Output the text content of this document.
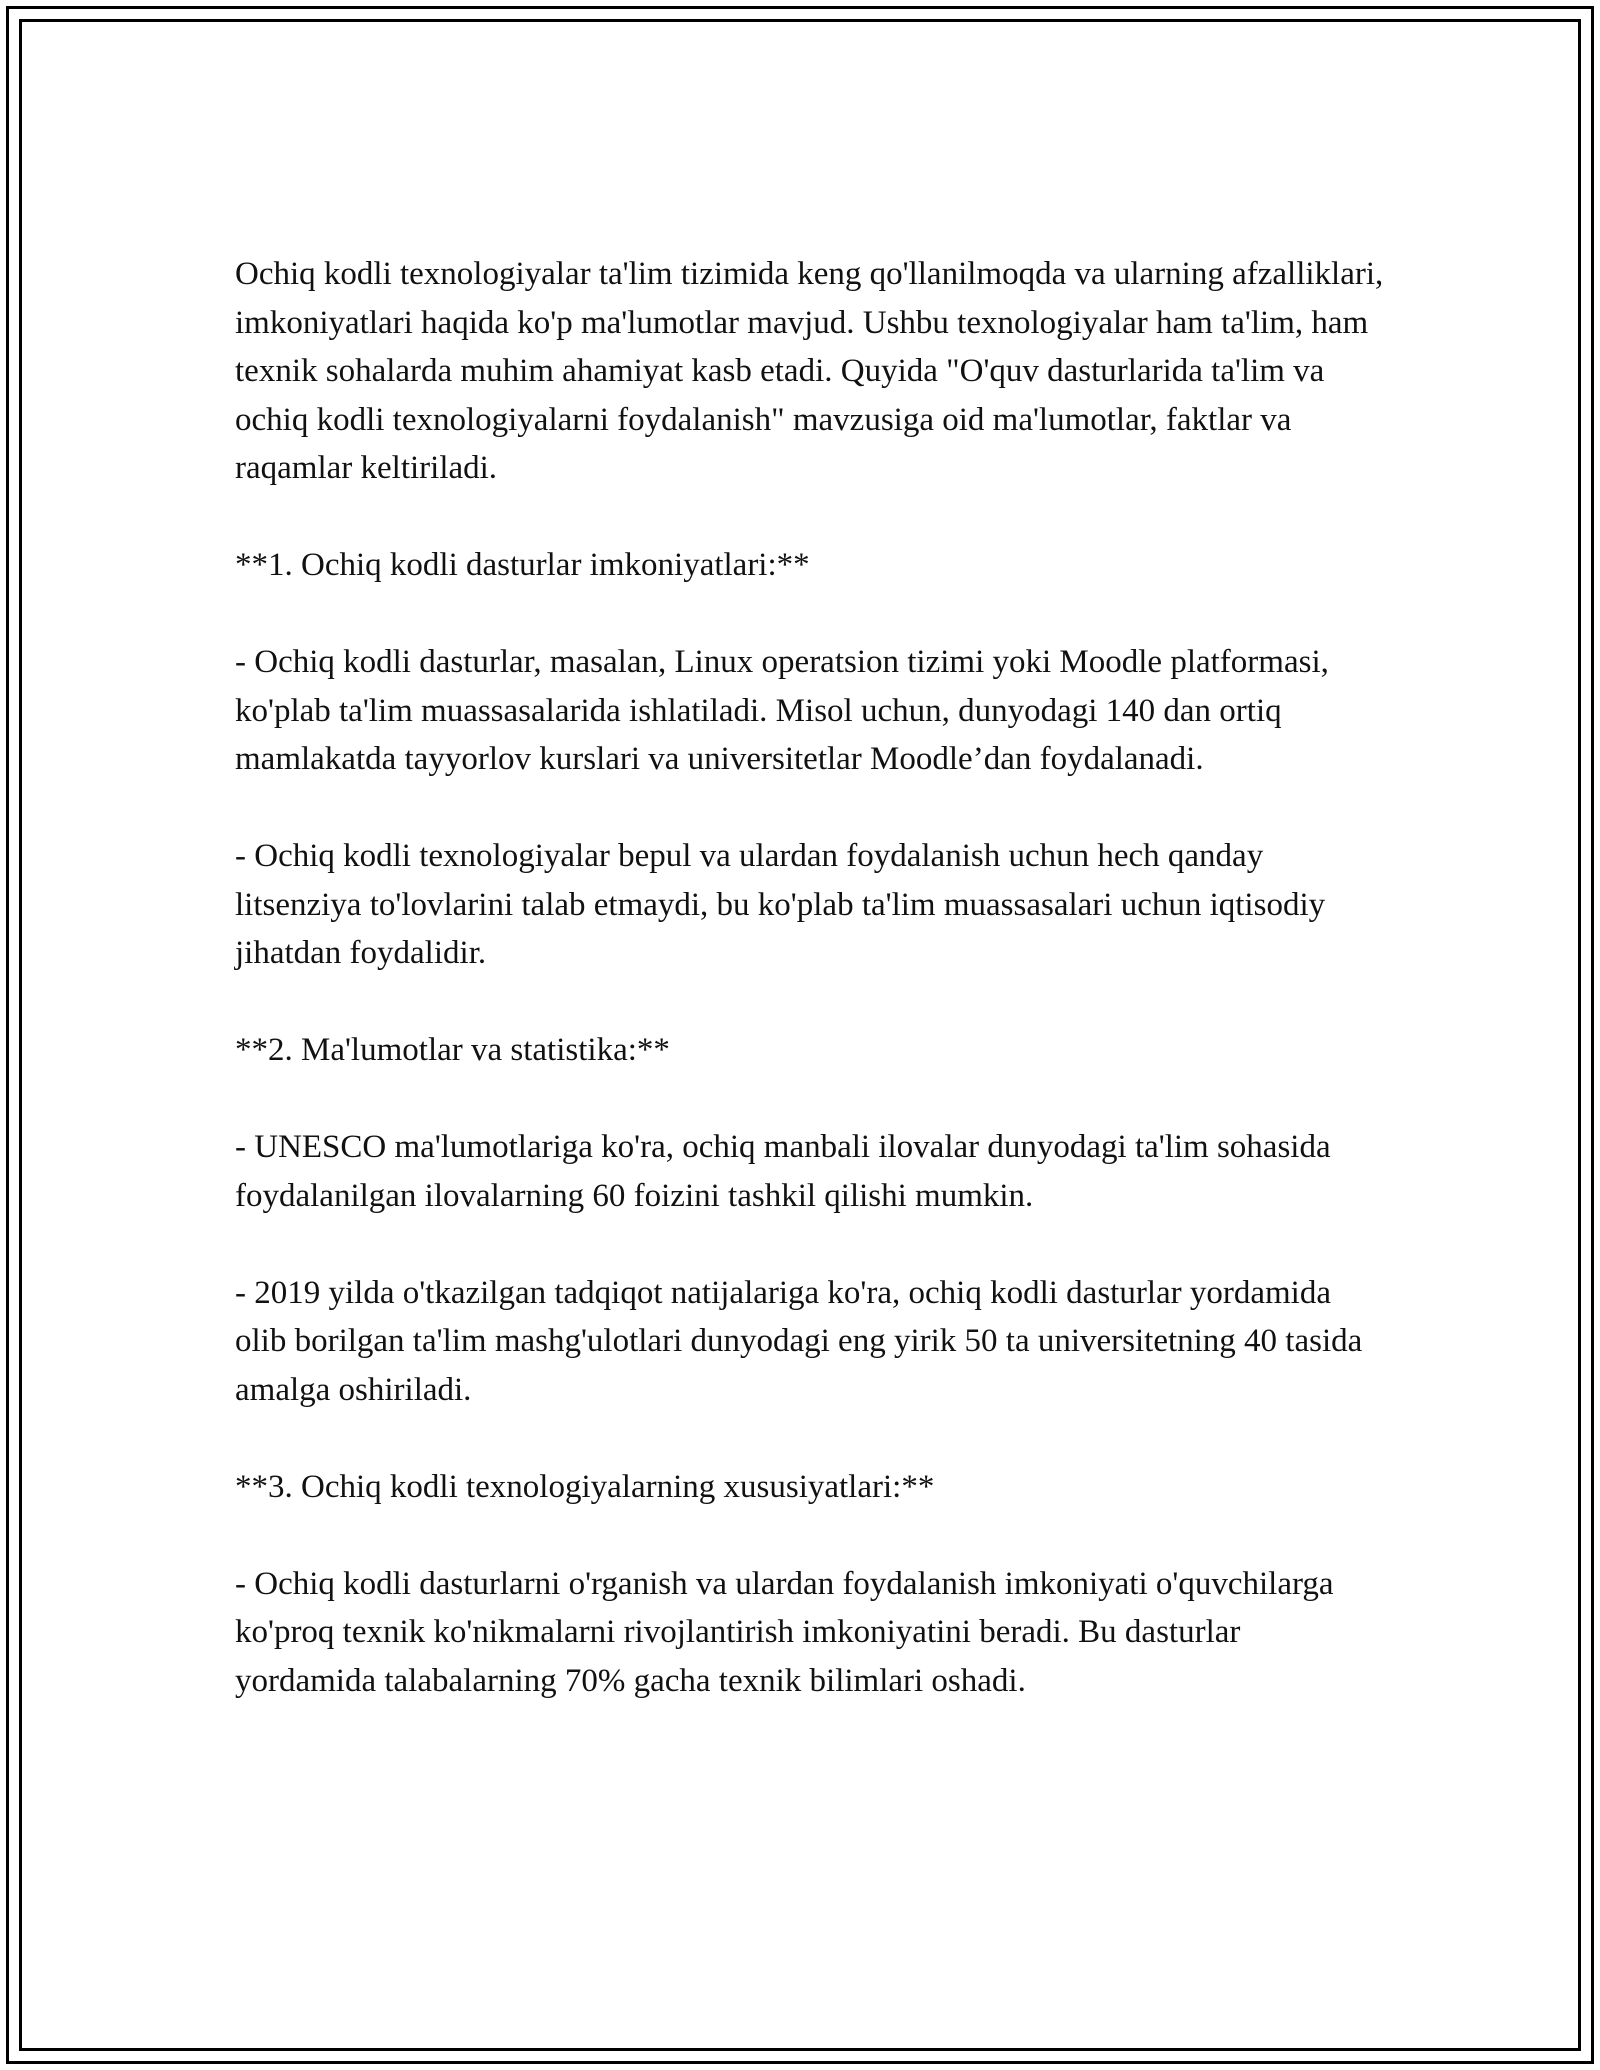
Ochiq kodli texnologiyalar ta'lim tizimida keng qo'llanilmoqda va ularning afzalliklari, imkoniyatlari haqida ko'p ma'lumotlar mavjud. Ushbu texnologiyalar ham ta'lim, ham texnik sohalarda muhim ahamiyat kasb etadi. Quyida "O'quv dasturlarida ta'lim va ochiq kodli texnologiyalarni foydalanish" mavzusiga oid ma'lumotlar, faktlar va raqamlar keltiriladi.

**1. Ochiq kodli dasturlar imkoniyatlari:**

- Ochiq kodli dasturlar, masalan, Linux operatsion tizimi yoki Moodle platformasi, ko'plab ta'lim muassasalarida ishlatiladi. Misol uchun, dunyodagi 140 dan ortiq mamlakatda tayyorlov kurslari va universitetlar Moodle’dan foydalanadi.

- Ochiq kodli texnologiyalar bepul va ulardan foydalanish uchun hech qanday litsenziya to'lovlarini talab etmaydi, bu ko'plab ta'lim muassasalari uchun iqtisodiy jihatdan foydalidir.

**2. Ma'lumotlar va statistika:**

- UNESCO ma'lumotlariga ko'ra, ochiq manbali ilovalar dunyodagi ta'lim sohasida foydalanilgan ilovalarning 60 foizini tashkil qilishi mumkin.

- 2019 yilda o'tkazilgan tadqiqot natijalariga ko'ra, ochiq kodli dasturlar yordamida olib borilgan ta'lim mashg'ulotlari dunyodagi eng yirik 50 ta universitetning 40 tasida amalga oshiriladi.

**3. Ochiq kodli texnologiyalarning xususiyatlari:**

- Ochiq kodli dasturlarni o'rganish va ulardan foydalanish imkoniyati o'quvchilarga ko'proq texnik ko'nikmalarni rivojlantirish imkoniyatini beradi. Bu dasturlar yordamida talabalarning 70% gacha texnik bilimlari oshadi.
